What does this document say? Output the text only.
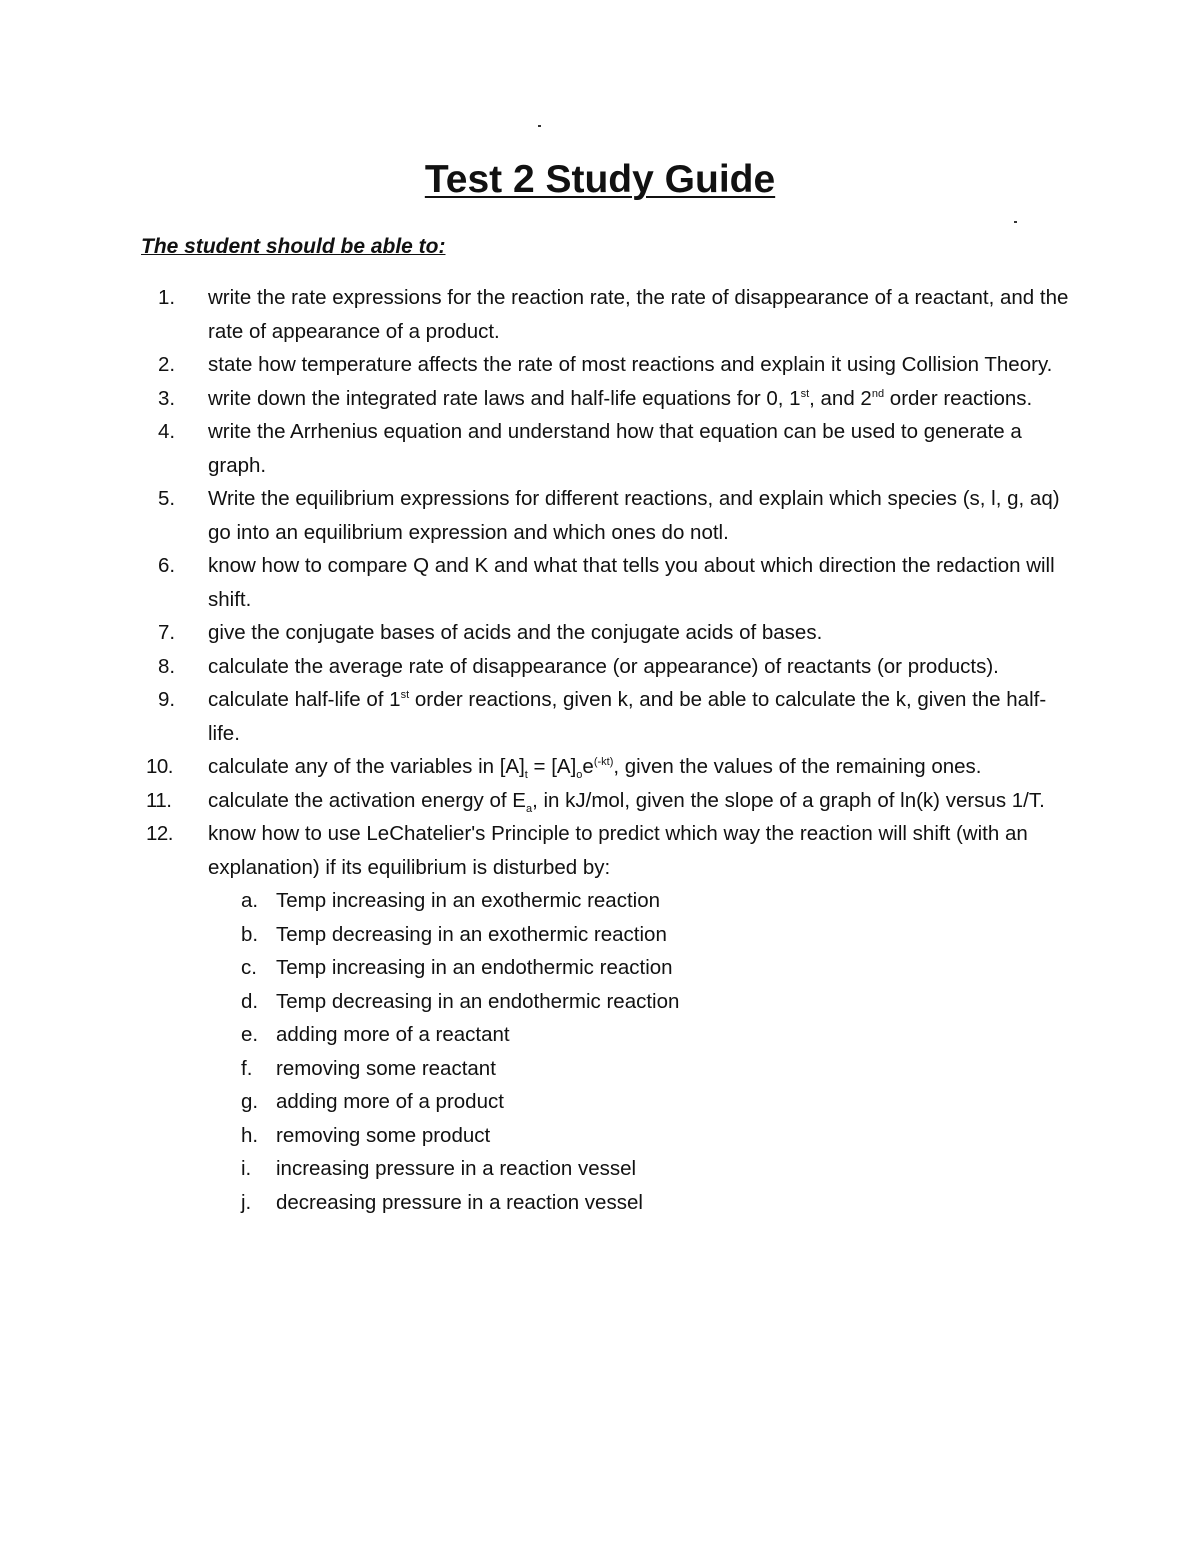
Test 2 Study Guide
The student should be able to:
1. write the rate expressions for the reaction rate, the rate of disappearance of a reactant, and the rate of appearance of a product.
2. state how temperature affects the rate of most reactions and explain it using Collision Theory.
3. write down the integrated rate laws and half-life equations for 0, 1st, and 2nd order reactions.
4. write the Arrhenius equation and understand how that equation can be used to generate a graph.
5. Write the equilibrium expressions for different reactions, and explain which species (s, l, g, aq) go into an equilibrium expression and which ones do notl.
6. know how to compare Q and K and what that tells you about which direction the redaction will shift.
7. give the conjugate bases of acids and the conjugate acids of bases.
8. calculate the average rate of disappearance (or appearance) of reactants (or products).
9. calculate half-life of 1st order reactions, given k, and be able to calculate the k, given the half-life.
10. calculate any of the variables in $[A]_t = [A]_oe^{(-kt)}$, given the values of the remaining ones.
11. calculate the activation energy of $E_a$, in kJ/mol, given the slope of a graph of ln(k) versus 1/T.
12. know how to use LeChatelier's Principle to predict which way the reaction will shift (with an explanation) if its equilibrium is disturbed by:
a. Temp increasing in an exothermic reaction
b. Temp decreasing in an exothermic reaction
c. Temp increasing in an endothermic reaction
d. Temp decreasing in an endothermic reaction
e. adding more of a reactant
f. removing some reactant
g. adding more of a product
h. removing some product
i. increasing pressure in a reaction vessel
j. decreasing pressure in a reaction vessel
